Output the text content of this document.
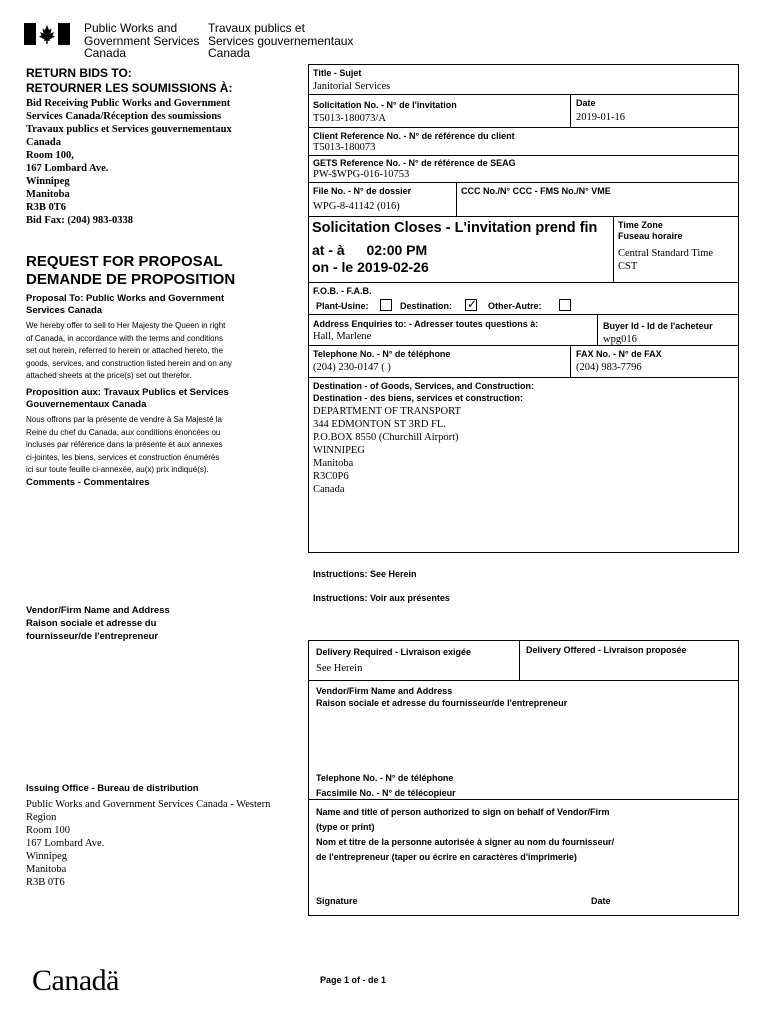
Public Works and
Government Services
Canada
Travaux publics et
Services gouvernementaux
Canada
RETURN BIDS TO:
RETOURNER LES SOUMISSIONS À:
Bid Receiving Public Works and Government
Services Canada/Réception des soumissions
Travaux publics et Services gouvernementaux
Canada
Room 100,
167 Lombard Ave.
Winnipeg
Manitoba
R3B 0T6
Bid Fax: (204) 983-0338
REQUEST FOR PROPOSAL
DEMANDE DE PROPOSITION
Proposal To: Public Works and Government
Services Canada
We hereby offer to sell to Her Majesty the Queen in right
of Canada, in accordance with the terms and conditions
set out herein, referred to herein or attached hereto, the
goods, services, and construction listed herein and on any
attached sheets at the price(s) set out therefor.
Proposition aux: Travaux Publics et Services
Gouvernementaux Canada
Nous offrons par la présente de vendre à Sa Majesté la
Reine du chef du Canada, aux conditions énoncées ou
incluses par référence dans la présente et aux annexes
ci-jointes, les biens, services et construction énumérés
ici sur toute feuille ci-annexée, au(x) prix indiqué(s).
Comments - Commentaires
Vendor/Firm Name and Address
Raison sociale et adresse du
fournisseur/de l'entrepreneur
Issuing Office - Bureau de distribution
Public Works and Government Services Canada - Western
Region
Room 100
167 Lombard Ave.
Winnipeg
Manitoba
R3B 0T6
Title - Sujet
Janitorial Services
Solicitation No. - N° de l'invitation
T5013-180073/A
Date
2019-01-16
Client Reference No. - N° de référence du client
T5013-180073
GETS Reference No. - N° de référence de SEAG
PW-$WPG-016-10753
File No. - N° de dossier
WPG-8-41142 (016)
CCC No./N° CCC - FMS No./N° VME
Solicitation Closes - L'invitation prend fin
at - à 02:00 PM
on - le 2019-02-26
Time Zone
Fuseau horaire
Central Standard Time
CST
F.O.B. - F.A.B.
Plant-Usine:	Destination: ✓ Other-Autre:
Address Enquiries to: - Adresser toutes questions à:
Hall, Marlene
Buyer Id - Id de l'acheteur
wpg016
Telephone No. - N° de téléphone
(204) 230-0147 ( )
FAX No. - N° de FAX
(204) 983-7796
Destination - of Goods, Services, and Construction:
Destination - des biens, services et construction:
DEPARTMENT OF TRANSPORT
344 EDMONTON ST 3RD FL.
P.O.BOX 8550 (Churchill Airport)
WINNIPEG
Manitoba
R3C0P6
Canada
Instructions: See Herein
Instructions: Voir aux présentes
Delivery Required - Livraison exigée
See Herein
Delivery Offered - Livraison proposée
Vendor/Firm Name and Address
Raison sociale et adresse du fournisseur/de l'entrepreneur
Telephone No. - N° de téléphone
Facsimile No. - N° de télécopieur
Name and title of person authorized to sign on behalf of Vendor/Firm
(type or print)
Nom et titre de la personne autorisée à signer au nom du fournisseur/
de l'entrepreneur (taper ou écrire en caractères d'imprimerie)
Signature	Date
Canadä	Page 1 of - de 1
